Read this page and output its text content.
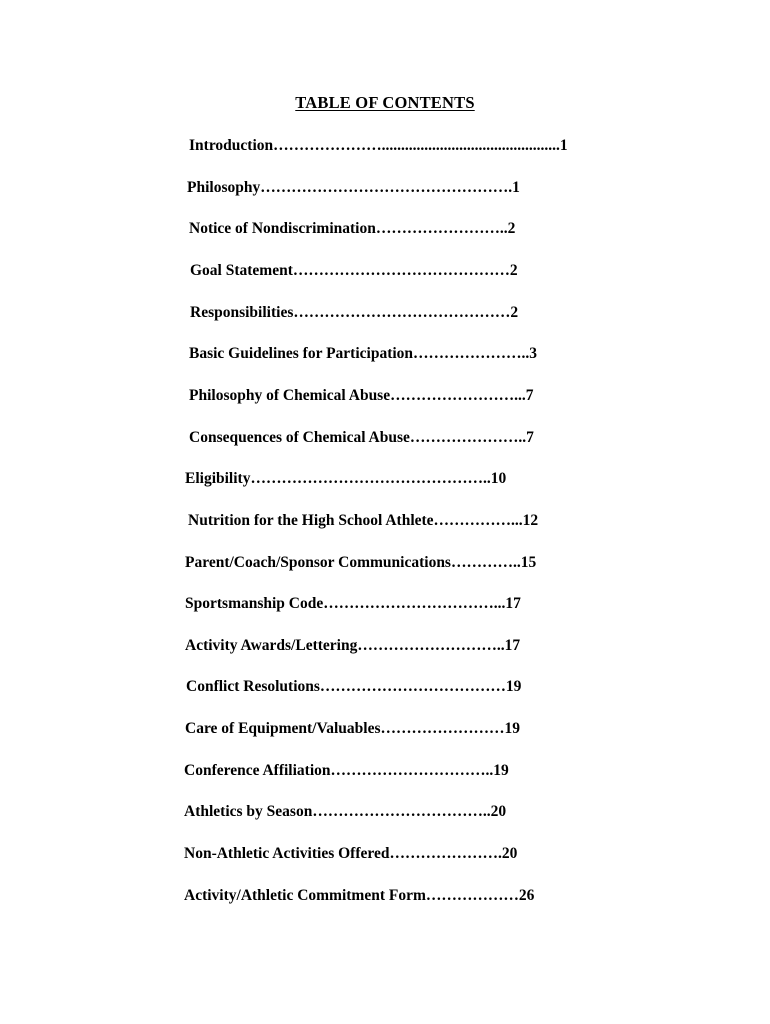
TABLE OF CONTENTS
Introduction…………………..............................................1
Philosophy………………………………………….1
Notice of Nondiscrimination……………………..2
Goal Statement……………………………………2
Responsibilities……………………………………2
Basic Guidelines for Participation…………………..3
Philosophy of Chemical Abuse……………………...7
Consequences of Chemical Abuse…………………..7
Eligibility………………………………………..10
Nutrition for the High School Athlete……………...12
Parent/Coach/Sponsor Communications…………..15
Sportsmanship Code……………………………...17
Activity Awards/Lettering………………………..17
Conflict Resolutions………………………………19
Care of Equipment/Valuables……………………19
Conference Affiliation…………………………..19
Athletics by Season……………………………..20
Non-Athletic Activities Offered………………….20
Activity/Athletic Commitment Form………………26
